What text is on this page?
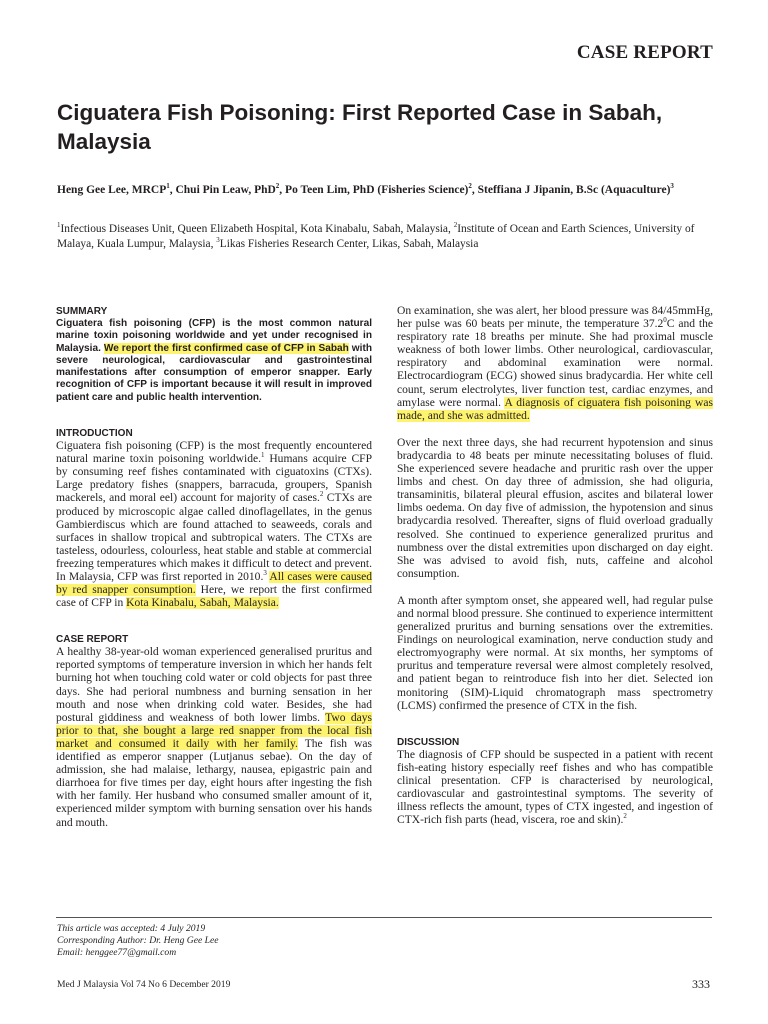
CASE REPORT
Ciguatera Fish Poisoning: First Reported Case in Sabah, Malaysia
Heng Gee Lee, MRCP$^1$, Chui Pin Leaw, PhD$^2$, Po Teen Lim, PhD (Fisheries Science)$^2$, Steffiana J Jipanin, B.Sc (Aquaculture)$^3$
$^1$Infectious Diseases Unit, Queen Elizabeth Hospital, Kota Kinabalu, Sabah, Malaysia, $^2$Institute of Ocean and Earth Sciences, University of Malaya, Kuala Lumpur, Malaysia, $^3$Likas Fisheries Research Center, Likas, Sabah, Malaysia
SUMMARY

Ciguatera fish poisoning (CFP) is the most common natural marine toxin poisoning worldwide and yet under recognised in Malaysia. We report the first confirmed case of CFP in Sabah with severe neurological, cardiovascular and gastrointestinal manifestations after consumption of emperor snapper. Early recognition of CFP is important because it will result in improved patient care and public health intervention.

INTRODUCTION

Ciguatera fish poisoning (CFP) is the most frequently encountered natural marine toxin poisoning worldwide.$^1$ Humans acquire CFP by consuming reef fishes contaminated with ciguatoxins (CTXs). Large predatory fishes (snappers, barracuda, groupers, Spanish mackerels, and moral eel) account for majority of cases.$^2$ CTXs are produced by microscopic algae called dinoflagellates, in the genus Gambierdiscus which are found attached to seaweeds, corals and surfaces in shallow tropical and subtropical waters. The CTXs are tasteless, odourless, colourless, heat stable and stable at commercial freezing temperatures which makes it difficult to detect and prevent. In Malaysia, CFP was first reported in 2010.$^3$ All cases were caused by red snapper consumption. Here, we report the first confirmed case of CFP in Kota Kinabalu, Sabah, Malaysia.

CASE REPORT

A healthy 38-year-old woman experienced generalised pruritus and reported symptoms of temperature inversion in which her hands felt burning hot when touching cold water or cold objects for past three days. She had perioral numbness and burning sensation in her mouth and nose when drinking cold water. Besides, she had postural giddiness and weakness of both lower limbs. Two days prior to that, she bought a large red snapper from the local fish market and consumed it daily with her family. The fish was identified as emperor snapper (Lutjanus sebae). On the day of admission, she had malaise, lethargy, nausea, epigastric pain and diarrhoea for five times per day, eight hours after ingesting the fish with her family. Her husband who consumed smaller amount of it, experienced milder symptom with burning sensation over his hands and mouth.

On examination, she was alert, her blood pressure was 84/45mmHg, her pulse was 60 beats per minute, the temperature 37.2$^0$C and the respiratory rate 18 breaths per minute. She had proximal muscle weakness of both lower limbs. Other neurological, cardiovascular, respiratory and abdominal examination were normal. Electrocardiogram (ECG) showed sinus bradycardia. Her white cell count, serum electrolytes, liver function test, cardiac enzymes, and amylase were normal. A diagnosis of ciguatera fish poisoning was made, and she was admitted.

Over the next three days, she had recurrent hypotension and sinus bradycardia to 48 beats per minute necessitating boluses of fluid. She experienced severe headache and pruritic rash over the upper limbs and chest. On day three of admission, she had oliguria, transaminitis, bilateral pleural effusion, ascites and bilateral lower limbs oedema. On day five of admission, the hypotension and sinus bradycardia resolved. Thereafter, signs of fluid overload gradually resolved. She continued to experience generalized pruritus and numbness over the distal extremities upon discharged on day eight. She was advised to avoid fish, nuts, caffeine and alcohol consumption.

A month after symptom onset, she appeared well, had regular pulse and normal blood pressure. She continued to experience intermittent generalized pruritus and burning sensations over the extremities. Findings on neurological examination, nerve conduction study and electromyography were normal. At six months, her symptoms of pruritus and temperature reversal were almost completely resolved, and patient began to reintroduce fish into her diet. Selected ion monitoring (SIM)-Liquid chromatograph mass spectrometry (LCMS) confirmed the presence of CTX in the fish.

DISCUSSION

The diagnosis of CFP should be suspected in a patient with recent fish-eating history especially reef fishes and who has compatible clinical presentation. CFP is characterised by neurological, cardiovascular and gastrointestinal symptoms. The severity of illness reflects the amount, types of CTX ingested, and ingestion of CTX-rich fish parts (head, viscera, roe and skin).$^2$

This article was accepted: 4 July 2019
Corresponding Author: Dr. Heng Gee Lee
Email: henggee77@gmail.com
Med J Malaysia Vol 74 No 6 December 2019	333
